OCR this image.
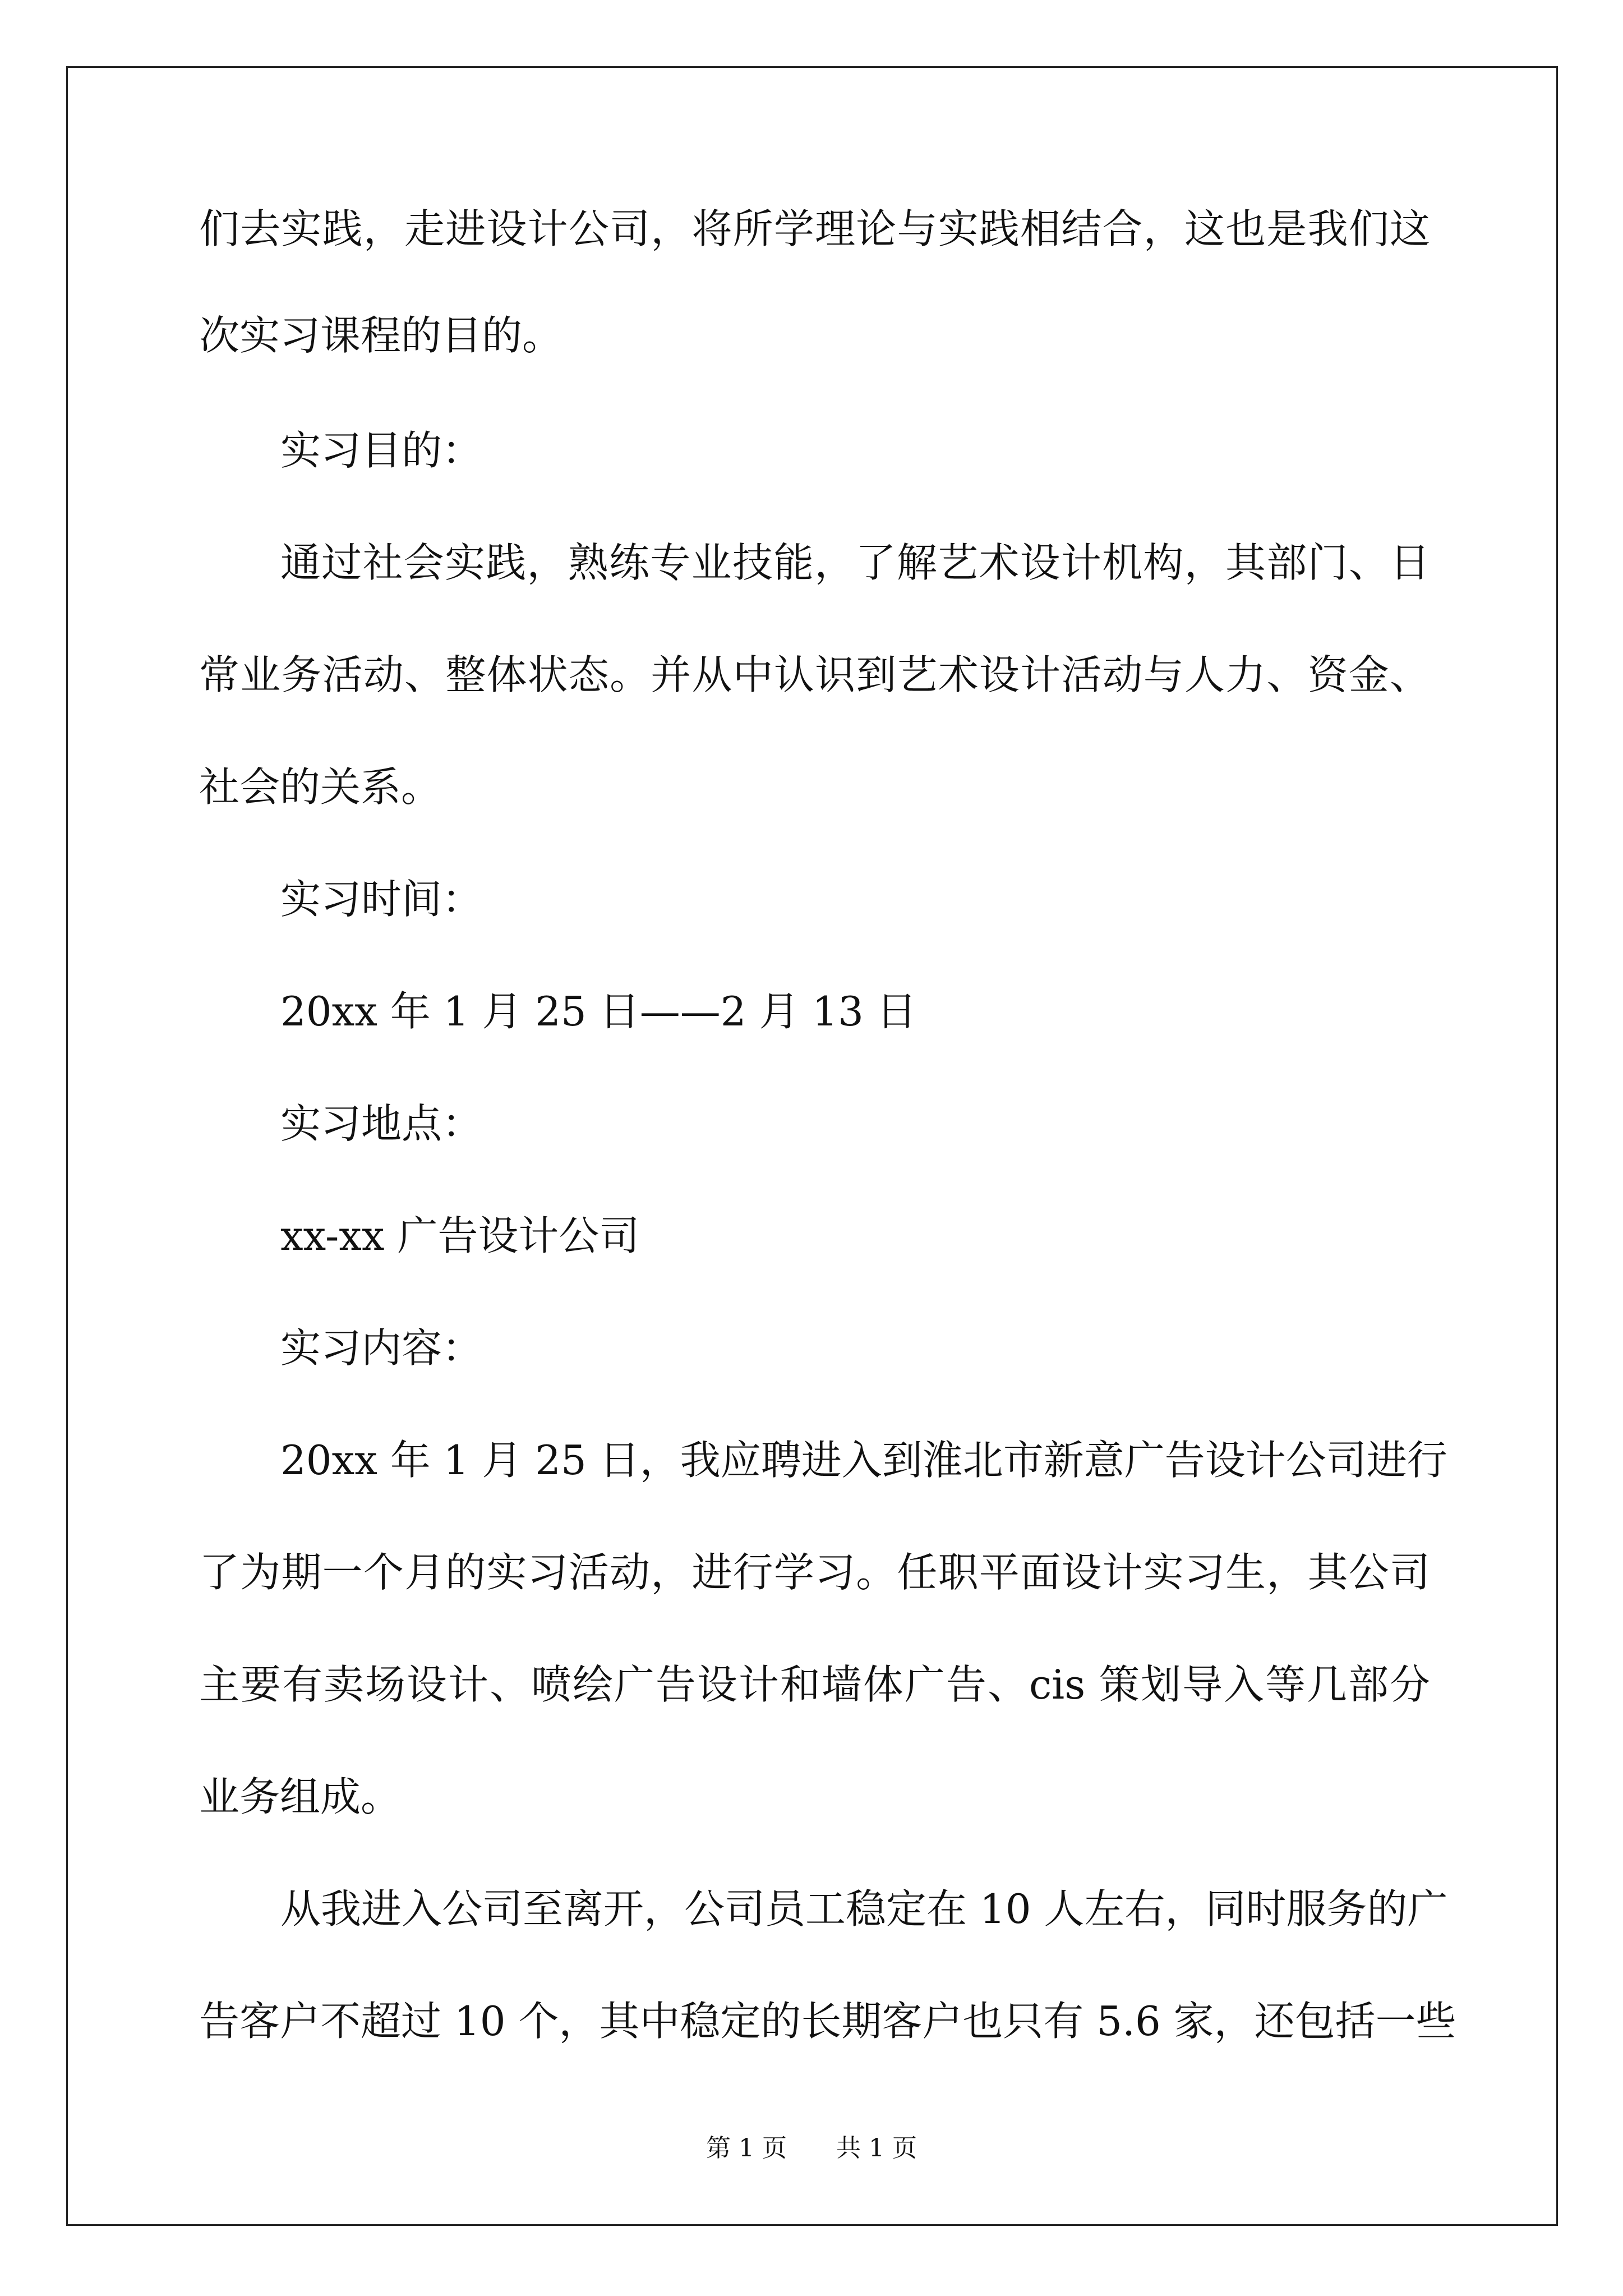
们去实践，走进设计公司，将所学理论与实践相结合，这也是我们这
次实习课程的目的。
实习目的：
通过社会实践，熟练专业技能，了解艺术设计机构，其部门、日
常业务活动、整体状态。并从中认识到艺术设计活动与人力、资金、
社会的关系。
实习时间：
20xx 年 1 月 25 日——2 月 13 日
实习地点：
xx-xx 广告设计公司
实习内容：
20xx 年 1 月 25 日，我应聘进入到淮北市新意广告设计公司进行
了为期一个月的实习活动，进行学习。任职平面设计实习生，其公司
主要有卖场设计、喷绘广告设计和墙体广告、cis 策划导入等几部分
业务组成。
从我进入公司至离开，公司员工稳定在 10 人左右，同时服务的广
告客户不超过 10 个，其中稳定的长期客户也只有 5.6 家，还包括一些
第 1 页 共 1 页
